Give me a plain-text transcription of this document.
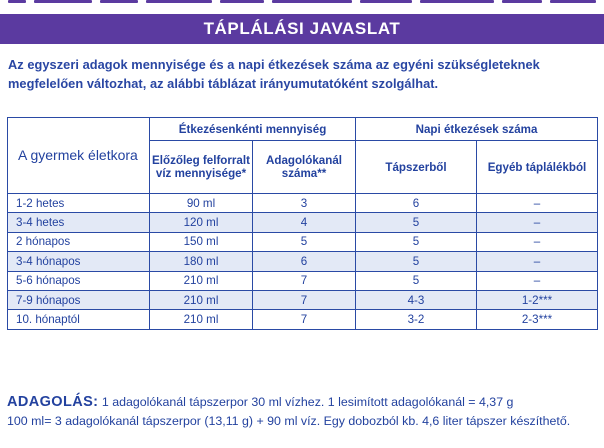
TÁPLÁLÁSI JAVASLAT
Az egyszeri adagok mennyisége és a napi étkezések száma az egyéni szükségleteknek megfelelően változhat, az alábbi táblázat irányumutatóként szolgálhat.
A gyermek életkora	Étkezésenkénti mennyiség		Napi étkezések száma	
	Előzőleg felforralt víz mennyisége*	Adagolókanál száma**	Tápszerből	Egyéb táplálékból
1-2 hetes	90 ml	3	6	–
3-4 hetes	120 ml	4	5	–
2 hónapos	150 ml	5	5	–
3-4 hónapos	180 ml	6	5	–
5-6 hónapos	210 ml	7	5	–
7-9 hónapos	210 ml	7	4-3	1-2***
10. hónaptól	210 ml	7	3-2	2-3***
ADAGOLÁS: 1 adagolókanál tápszerpor 30 ml vízhez. 1 lesimított adagolókanál = 4,37 g
100 ml= 3 adagolókanál tápszerpor (13,11 g) + 90 ml víz. Egy dobozból kb. 4,6 liter tápszer készíthető.
